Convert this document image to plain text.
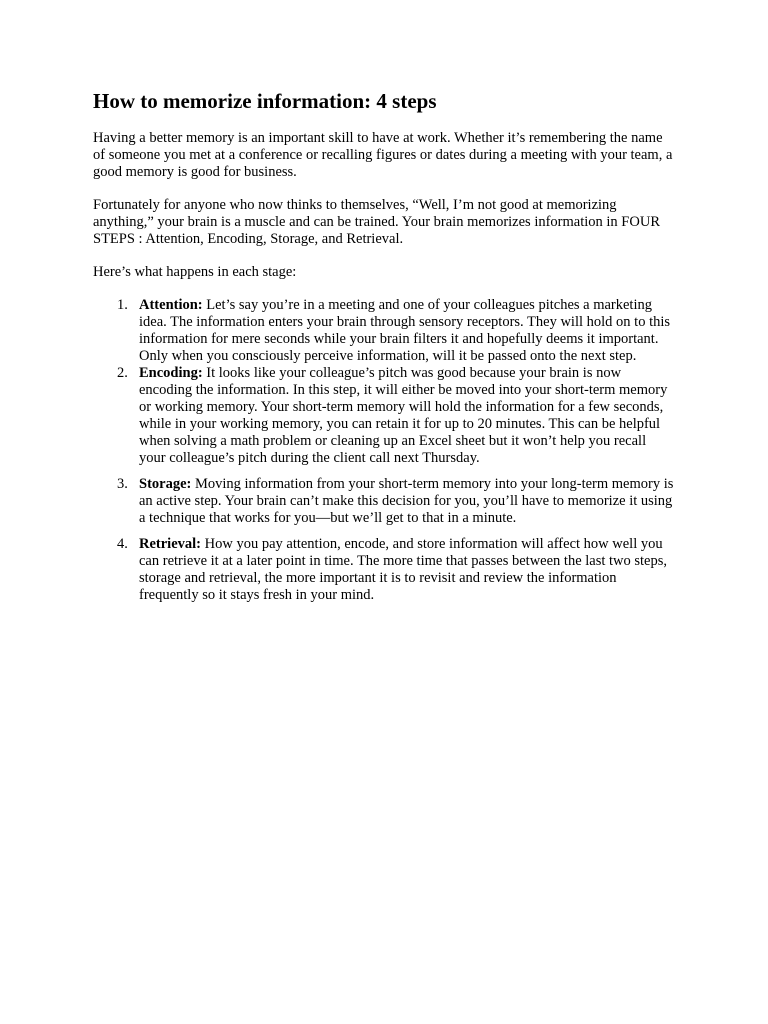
How to memorize information: 4 steps

Having a better memory is an important skill to have at work. Whether it’s remembering the name of someone you met at a conference or recalling figures or dates during a meeting with your team, a good memory is good for business.

Fortunately for anyone who now thinks to themselves, “Well, I’m not good at memorizing anything,” your brain is a muscle and can be trained. Your brain memorizes information in FOUR STEPS : Attention, Encoding, Storage, and Retrieval.

Here’s what happens in each stage:

1. Attention: Let’s say you’re in a meeting and one of your colleagues pitches a marketing idea. The information enters your brain through sensory receptors. They will hold on to this information for mere seconds while your brain filters it and hopefully deems it important. Only when you consciously perceive information, will it be passed onto the next step.
2. Encoding: It looks like your colleague’s pitch was good because your brain is now encoding the information. In this step, it will either be moved into your short-term memory or working memory. Your short-term memory will hold the information for a few seconds, while in your working memory, you can retain it for up to 20 minutes. This can be helpful when solving a math problem or cleaning up an Excel sheet but it won’t help you recall your colleague’s pitch during the client call next Thursday.
3. Storage: Moving information from your short-term memory into your long-term memory is an active step. Your brain can’t make this decision for you, you’ll have to memorize it using a technique that works for you—but we’ll get to that in a minute.
4. Retrieval: How you pay attention, encode, and store information will affect how well you can retrieve it at a later point in time. The more time that passes between the last two steps, storage and retrieval, the more important it is to revisit and review the information frequently so it stays fresh in your mind.
